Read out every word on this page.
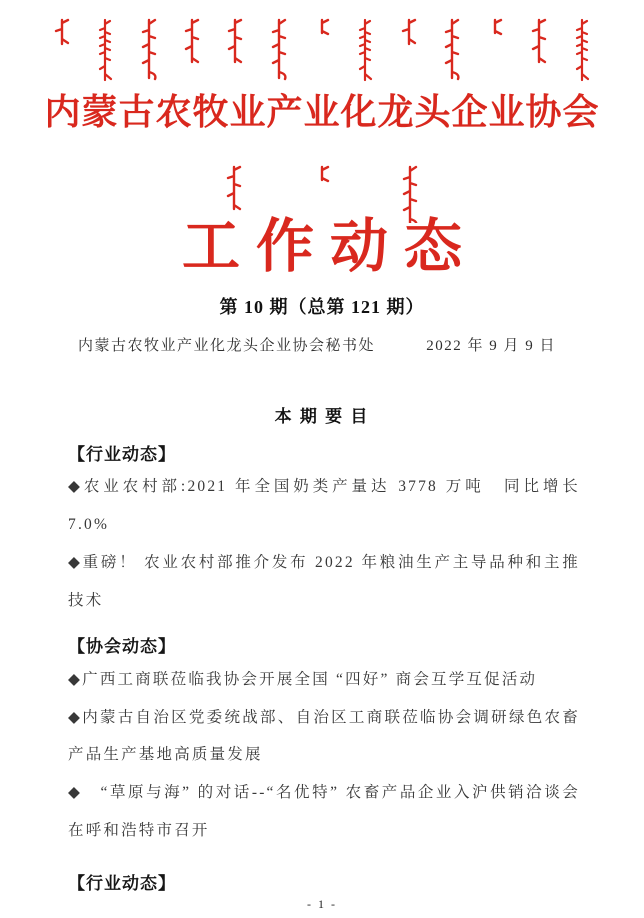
内蒙古农牧业产业化龙头企业协会
工作动态
第 10 期（总第 121 期）
内蒙古农牧业产业化龙头企业协会秘书处	2022 年 9 月 9 日
本 期 要 目
【行业动态】
◆农业农村部:2021 年全国奶类产量达 3778 万吨　同比增长 7.0%
◆重磅！ 农业农村部推介发布 2022 年粮油生产主导品种和主推技术
【协会动态】
◆广西工商联莅临我协会开展全国 “四好” 商会互学互促活动
◆内蒙古自治区党委统战部、自治区工商联莅临协会调研绿色农畜产品生产基地高质量发展
◆　“草原与海” 的对话--“名优特” 农畜产品企业入沪供销洽谈会在呼和浩特市召开
【行业动态】
- 1 -
